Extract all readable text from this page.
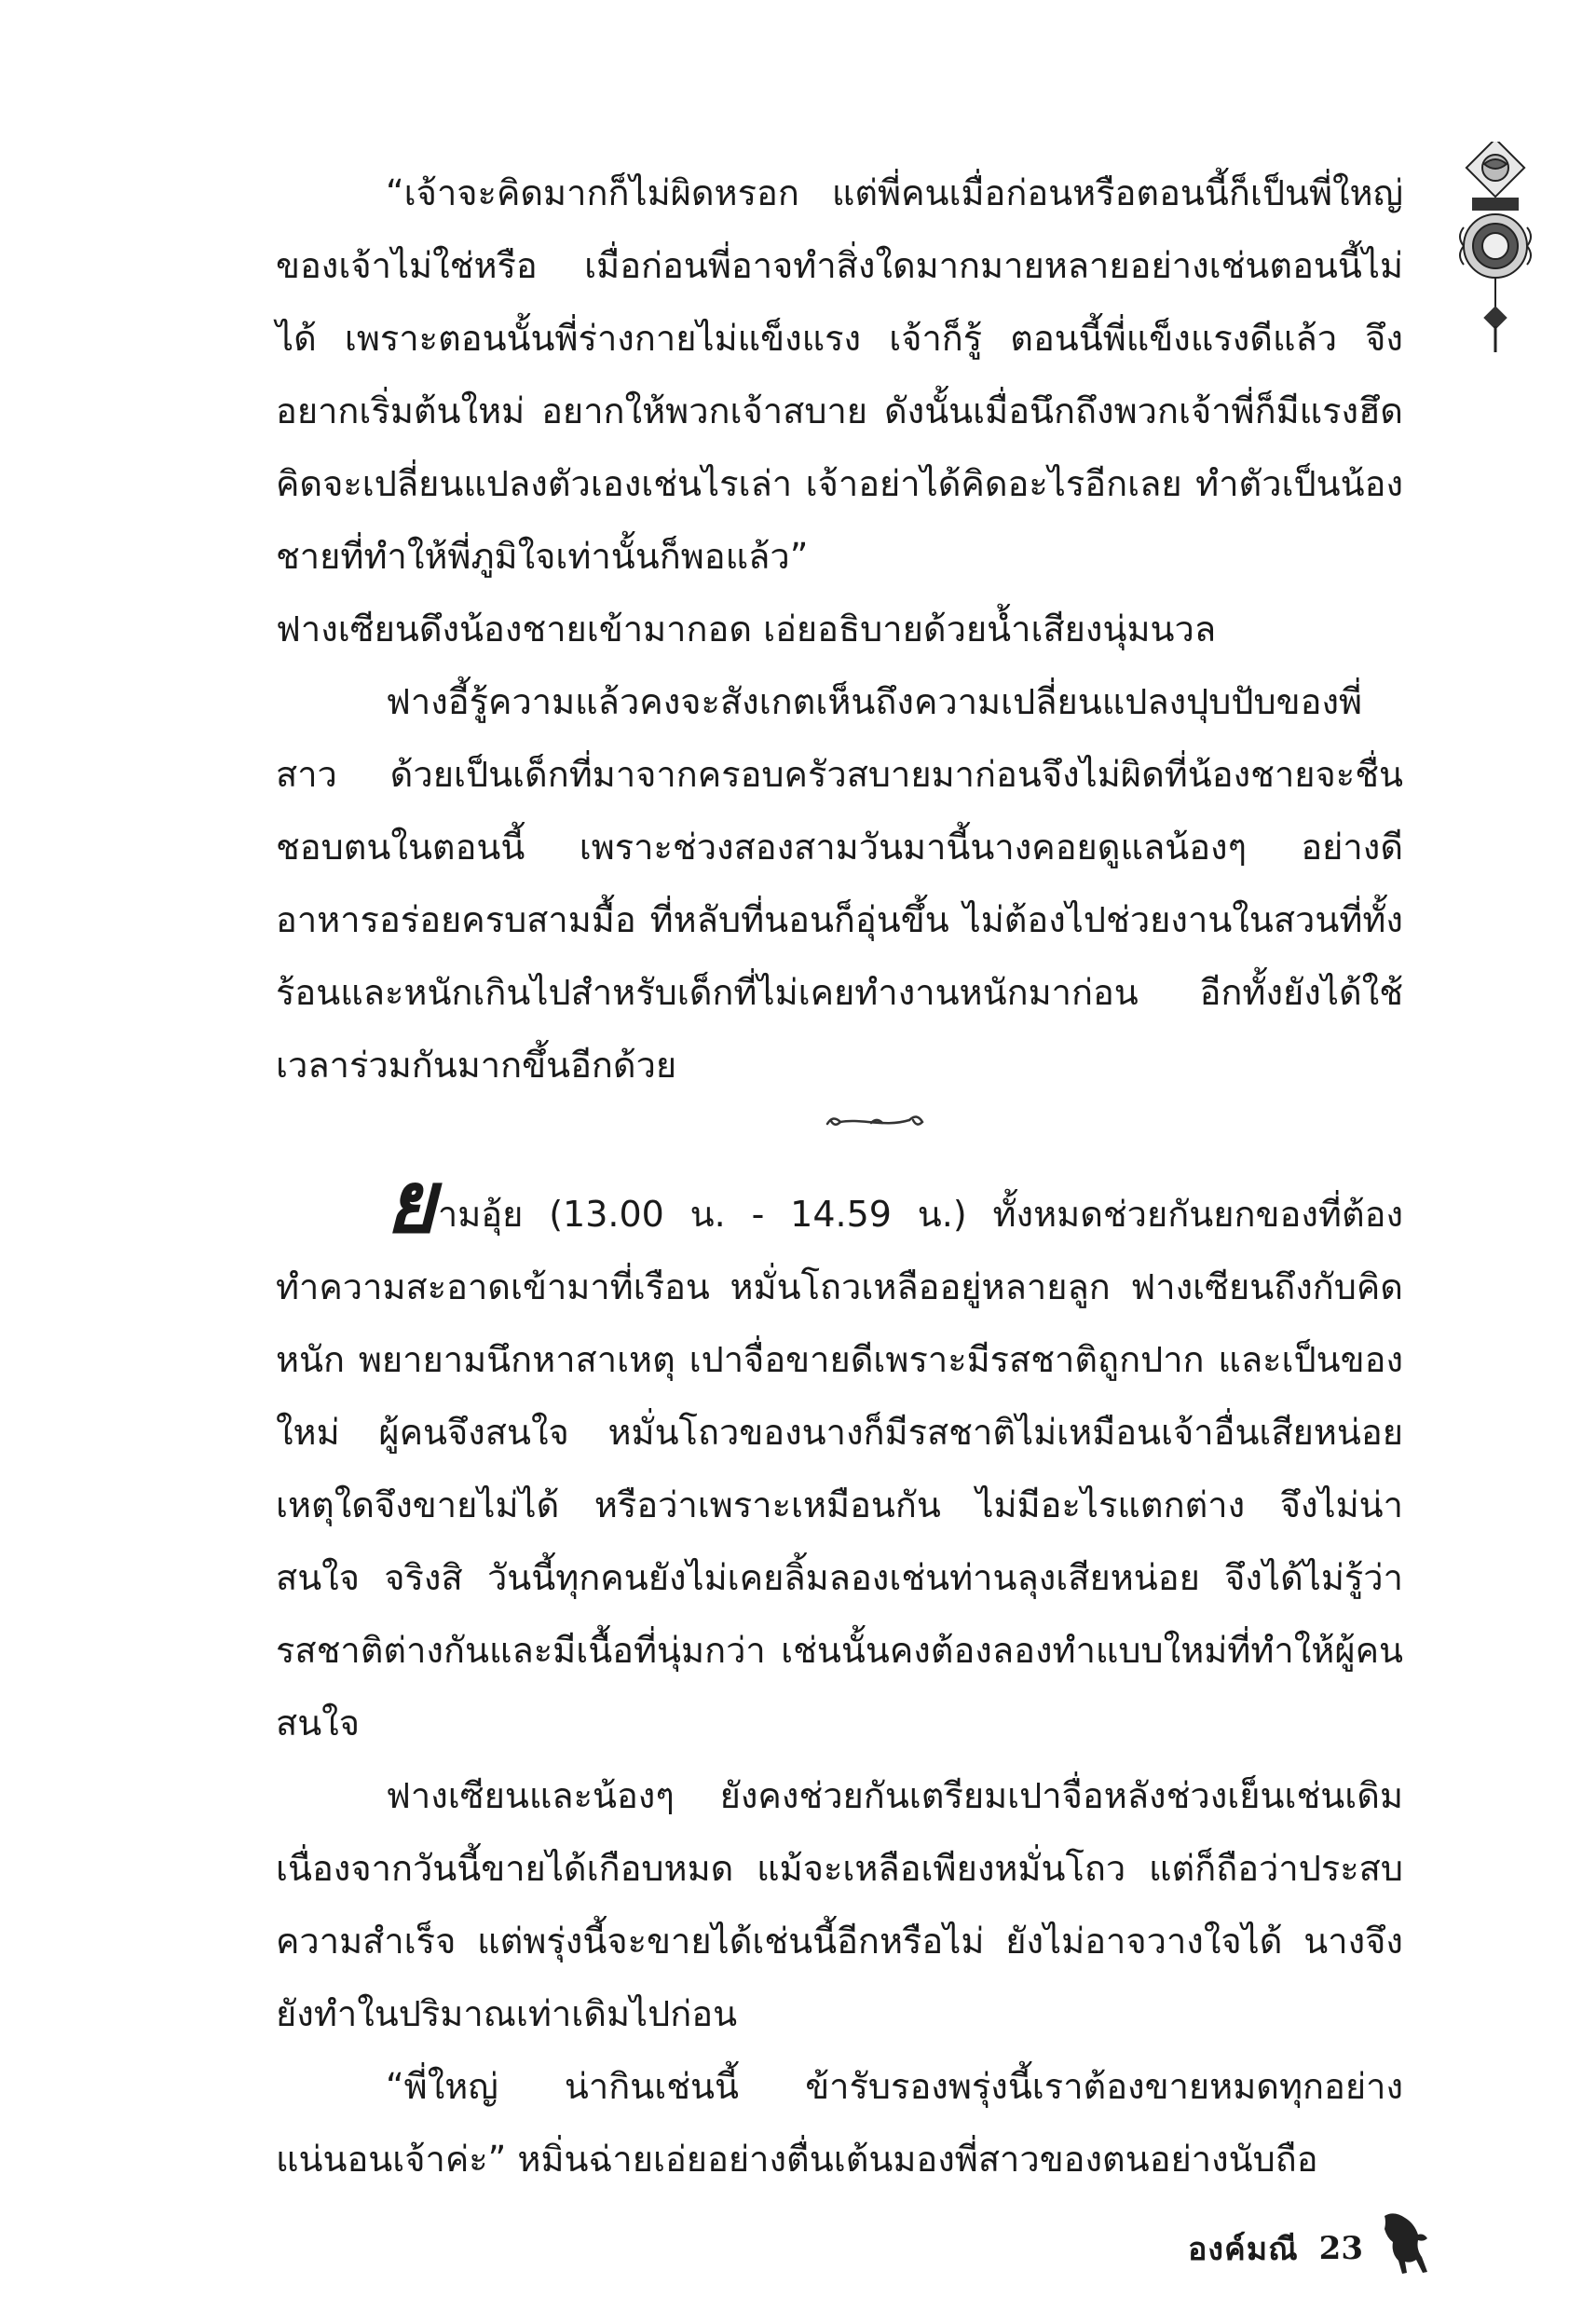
“เจ้าจะคิดมากก็ไม่ผิดหรอก แต่พี่คนเมื่อก่อนหรือตอนนี้ก็เป็นพี่ใหญ่ของเจ้าไม่ใช่หรือ เมื่อก่อนพี่อาจทำสิ่งใดมากมายหลายอย่างเช่นตอนนี้ไม่ได้ เพราะตอนนั้นพี่ร่างกายไม่แข็งแรง เจ้าก็รู้ ตอนนี้พี่แข็งแรงดีแล้ว จึงอยากเริ่มต้นใหม่ อยากให้พวกเจ้าสบาย ดังนั้นเมื่อนึกถึงพวกเจ้าพี่ก็มีแรงฮึดคิดจะเปลี่ยนแปลงตัวเองเช่นไรเล่า เจ้าอย่าได้คิดอะไรอีกเลย ทำตัวเป็นน้องชายที่ทำให้พี่ภูมิใจเท่านั้นก็พอแล้ว”

ฟางเซียนดึงน้องชายเข้ามากอด เอ่ยอธิบายด้วยน้ำเสียงนุ่มนวล

ฟางอี้รู้ความแล้วคงจะสังเกตเห็นถึงความเปลี่ยนแปลงปุบปับของพี่สาว ด้วยเป็นเด็กที่มาจากครอบครัวสบายมาก่อนจึงไม่ผิดที่น้องชายจะชื่นชอบตนในตอนนี้ เพราะช่วงสองสามวันมานี้นางคอยดูแลน้องๆ อย่างดี อาหารอร่อยครบสามมื้อ ที่หลับที่นอนก็อุ่นขึ้น ไม่ต้องไปช่วยงานในสวนที่ทั้งร้อนและหนักเกินไปสำหรับเด็กที่ไม่เคยทำงานหนักมาก่อน อีกทั้งยังได้ใช้เวลาร่วมกันมากขึ้นอีกด้วย

ยามอุ้ย (13.00 น. - 14.59 น.) ทั้งหมดช่วยกันยกของที่ต้องทำความสะอาดเข้ามาที่เรือน หมั่นโถวเหลืออยู่หลายลูก ฟางเซียนถึงกับคิดหนัก พยายามนึกหาสาเหตุ เปาจื่อขายดีเพราะมีรสชาติถูกปาก และเป็นของใหม่ ผู้คนจึงสนใจ หมั่นโถวของนางก็มีรสชาติไม่เหมือนเจ้าอื่นเสียหน่อย เหตุใดจึงขายไม่ได้ หรือว่าเพราะเหมือนกัน ไม่มีอะไรแตกต่าง จึงไม่น่าสนใจ จริงสิ วันนี้ทุกคนยังไม่เคยลิ้มลองเช่นท่านลุงเสียหน่อย จึงได้ไม่รู้ว่ารสชาติต่างกันและมีเนื้อที่นุ่มกว่า เช่นนั้นคงต้องลองทำแบบใหม่ที่ทำให้ผู้คนสนใจ

ฟางเซียนและน้องๆ ยังคงช่วยกันเตรียมเปาจื่อหลังช่วงเย็นเช่นเดิม เนื่องจากวันนี้ขายได้เกือบหมด แม้จะเหลือเพียงหมั่นโถว แต่ก็ถือว่าประสบความสำเร็จ แต่พรุ่งนี้จะขายได้เช่นนี้อีกหรือไม่ ยังไม่อาจวางใจได้ นางจึงยังทำในปริมาณเท่าเดิมไปก่อน

“พี่ใหญ่ น่ากินเช่นนี้ ข้ารับรองพรุ่งนี้เราต้องขายหมดทุกอย่างแน่นอนเจ้าค่ะ” หมิ่นฉ่ายเอ่ยอย่างตื่นเต้นมองพี่สาวของตนอย่างนับถือ

องค์มณี 23
